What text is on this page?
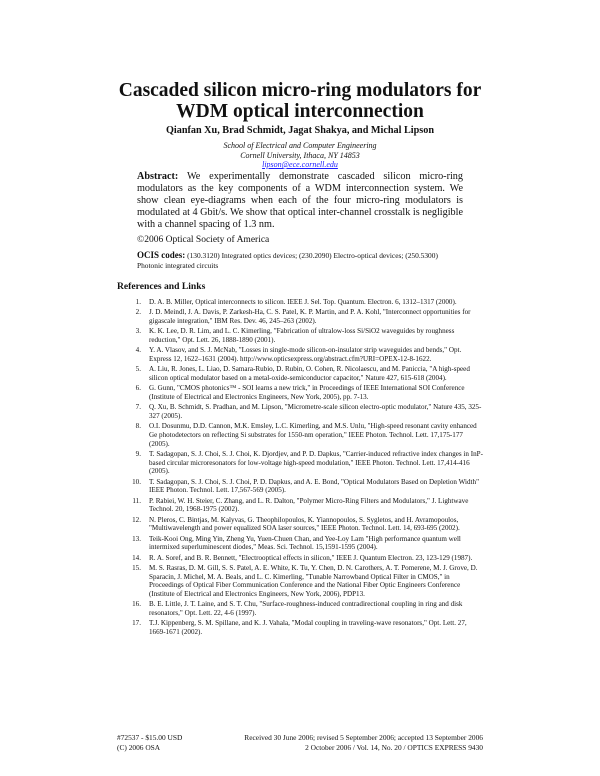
Cascaded silicon micro-ring modulators for
WDM optical interconnection
Qianfan Xu, Brad Schmidt, Jagat Shakya, and Michal Lipson
School of Electrical and Computer Engineering
Cornell University, Ithaca, NY 14853
lipson@ece.cornell.edu
Abstract: We experimentally demonstrate cascaded silicon micro-ring modulators as the key components of a WDM interconnection system. We show clean eye-diagrams when each of the four micro-ring modulators is modulated at 4 Gbit/s. We show that optical inter-channel crosstalk is negligible with a channel spacing of 1.3 nm.
©2006 Optical Society of America
OCIS codes: (130.3120) Integrated optics devices; (230.2090) Electro-optical devices; (250.5300) Photonic integrated circuits
References and Links
1.	D. A. B. Miller, Optical interconnects to silicon. IEEE J. Sel. Top. Quantum. Electron. 6, 1312–1317 (2000).
2.	J. D. Meindl, J. A. Davis, P. Zarkesh-Ha, C. S. Patel, K. P. Martin, and P. A. Kohl, "Interconnect opportunities for gigascale integration," IBM Res. Dev. 46, 245–263 (2002).
3.	K. K. Lee, D. R. Lim, and L. C. Kimerling, "Fabrication of ultralow-loss Si/SiO2 waveguides by roughness reduction," Opt. Lett. 26, 1888-1890 (2001).
4.	Y. A. Vlasov, and S. J. McNab, "Losses in single-mode silicon-on-insulator strip waveguides and bends," Opt. Express 12, 1622–1631 (2004). http://www.opticsexpress.org/abstract.cfm?URI=OPEX-12-8-1622.
5.	A. Liu, R. Jones, L. Liao, D. Samara-Rubio, D. Rubin, O. Cohen, R. Nicolaescu, and M. Paniccia, "A high-speed silicon optical modulator based on a metal-oxide-semiconductor capacitor," Nature 427, 615-618 (2004).
6.	G. Gunn, "CMOS photonics™ - SOI learns a new trick," in Proceedings of IEEE International SOI Conference (Institute of Electrical and Electronics Engineers, New York, 2005), pp. 7-13.
7.	Q. Xu, B. Schmidt, S. Pradhan, and M. Lipson, "Micrometre-scale silicon electro-optic modulator," Nature 435, 325-327 (2005).
8.	O.I. Dosunmu, D.D. Cannon, M.K. Emsley, L.C. Kimerling, and M.S. Unlu, "High-speed resonant cavity enhanced Ge photodetectors on reflecting Si substrates for 1550-nm operation," IEEE Photon. Technol. Lett. 17,175-177 (2005).
9.	T. Sadagopan, S. J. Choi, S. J. Choi, K. Djordjev, and P. D. Dapkus, "Carrier-induced refractive index changes in InP-based circular microresonators for low-voltage high-speed modulation," IEEE Photon. Technol. Lett. 17,414-416 (2005).
10.	T. Sadagopan, S. J. Choi, S. J. Choi, P. D. Dapkus, and A. E. Bond, "Optical Modulators Based on Depletion Width" IEEE Photon. Technol. Lett. 17,567-569 (2005).
11.	P. Rabiei, W. H. Steier, C. Zhang, and L. R. Dalton, "Polymer Micro-Ring Filters and Modulators," J. Lightwave Technol. 20, 1968-1975 (2002).
12.	N. Pleros, C. Bintjas, M. Kalyvas, G. Theophilopoulos, K. Yiannopoulos, S. Sygletos, and H. Avramopoulos, "Multiwavelength and power equalized SOA laser sources," IEEE Photon. Technol. Lett. 14, 693-695 (2002).
13.	Teik-Kooi Ong, Ming Yin, Zheng Yu, Yuen-Chuen Chan, and Yee-Loy Lam "High performance quantum well intermixed superluminescent diodes," Meas. Sci. Technol. 15,1591-1595 (2004).
14.	R. A. Soref, and B. R. Bennett, "Electrooptical effects in silicon," IEEE J. Quantum Electron. 23, 123-129 (1987).
15.	M. S. Rasras, D. M. Gill, S. S. Patel, A. E. White, K. Tu, Y. Chen, D. N. Carothers, A. T. Pomerene, M. J. Grove, D. Sparacin, J. Michel, M. A. Beals, and L. C. Kimerling, "Tunable Narrowband Optical Filter in CMOS," in Proceedings of Optical Fiber Communication Conference and the National Fiber Optic Engineers Conference (Institute of Electrical and Electronics Engineers, New York, 2006), PDP13.
16.	B. E. Little, J. T. Laine, and S. T. Chu, "Surface-roughness-induced contradirectional coupling in ring and disk resonators," Opt. Lett. 22, 4-6 (1997).
17.	T.J. Kippenberg, S. M. Spillane, and K. J. Vahala, "Modal coupling in traveling-wave resonators," Opt. Lett. 27, 1669-1671 (2002).
#72537 - $15.00 USD	Received 30 June 2006; revised 5 September 2006; accepted 13 September 2006
(C) 2006 OSA	2 October 2006 / Vol. 14, No. 20 / OPTICS EXPRESS 9430
